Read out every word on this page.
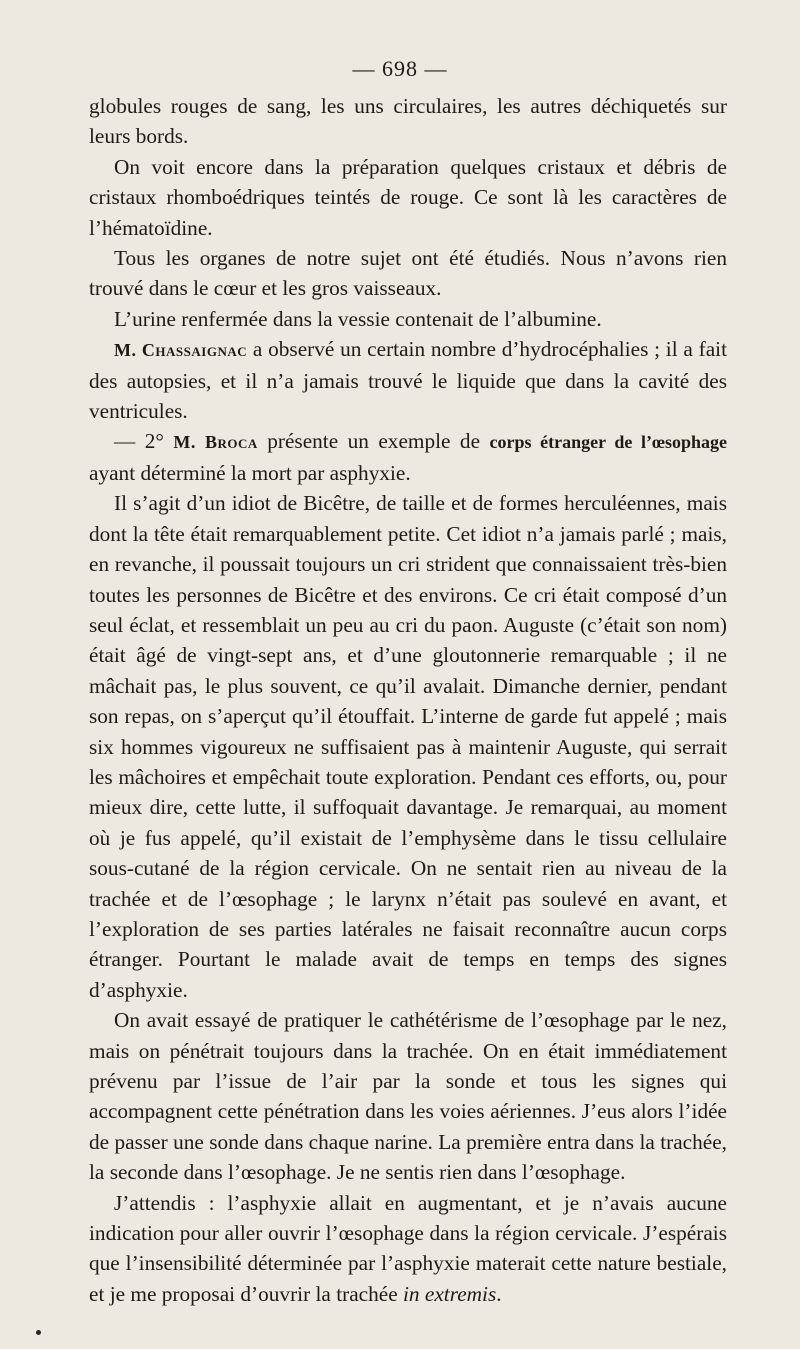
— 698 —

globules rouges de sang, les uns circulaires, les autres déchiquetés sur leurs bords.

On voit encore dans la préparation quelques cristaux et débris de cristaux rhomboédriques teintés de rouge. Ce sont là les caractères de l’hématoïdine.

Tous les organes de notre sujet ont été étudiés. Nous n’avons rien trouvé dans le cœur et les gros vaisseaux.

L’urine renfermée dans la vessie contenait de l’albumine.

M. Chassaignac a observé un certain nombre d’hydrocéphalies ; il a fait des autopsies, et il n’a jamais trouvé le liquide que dans la cavité des ventricules.

— 2° M. Broca présente un exemple de corps étranger de l’œsophage ayant déterminé la mort par asphyxie.

Il s’agit d’un idiot de Bicêtre, de taille et de formes herculéennes, mais dont la tête était remarquablement petite. Cet idiot n’a jamais parlé ; mais, en revanche, il poussait toujours un cri strident que connaissaient très-bien toutes les personnes de Bicêtre et des environs. Ce cri était composé d’un seul éclat, et ressemblait un peu au cri du paon. Auguste (c’était son nom) était âgé de vingt-sept ans, et d’une gloutonnerie remarquable ; il ne mâchait pas, le plus souvent, ce qu’il avalait. Dimanche dernier, pendant son repas, on s’aperçut qu’il étouffait. L’interne de garde fut appelé ; mais six hommes vigoureux ne suffisaient pas à maintenir Auguste, qui serrait les mâchoires et empêchait toute exploration. Pendant ces efforts, ou, pour mieux dire, cette lutte, il suffoquait davantage. Je remarquai, au moment où je fus appelé, qu’il existait de l’emphysème dans le tissu cellulaire sous-cutané de la région cervicale. On ne sentait rien au niveau de la trachée et de l’œsophage ; le larynx n’était pas soulevé en avant, et l’exploration de ses parties latérales ne faisait reconnaître aucun corps étranger. Pourtant le malade avait de temps en temps des signes d’asphyxie.

On avait essayé de pratiquer le cathétérisme de l’œsophage par le nez, mais on pénétrait toujours dans la trachée. On en était immédiatement prévenu par l’issue de l’air par la sonde et tous les signes qui accompagnent cette pénétration dans les voies aériennes. J’eus alors l’idée de passer une sonde dans chaque narine. La première entra dans la trachée, la seconde dans l’œsophage. Je ne sentis rien dans l’œsophage.

J’attendis : l’asphyxie allait en augmentant, et je n’avais aucune indication pour aller ouvrir l’œsophage dans la région cervicale. J’espérais que l’insensibilité déterminée par l’asphyxie materait cette nature bestiale, et je me proposai d’ouvrir la trachée in extremis.
